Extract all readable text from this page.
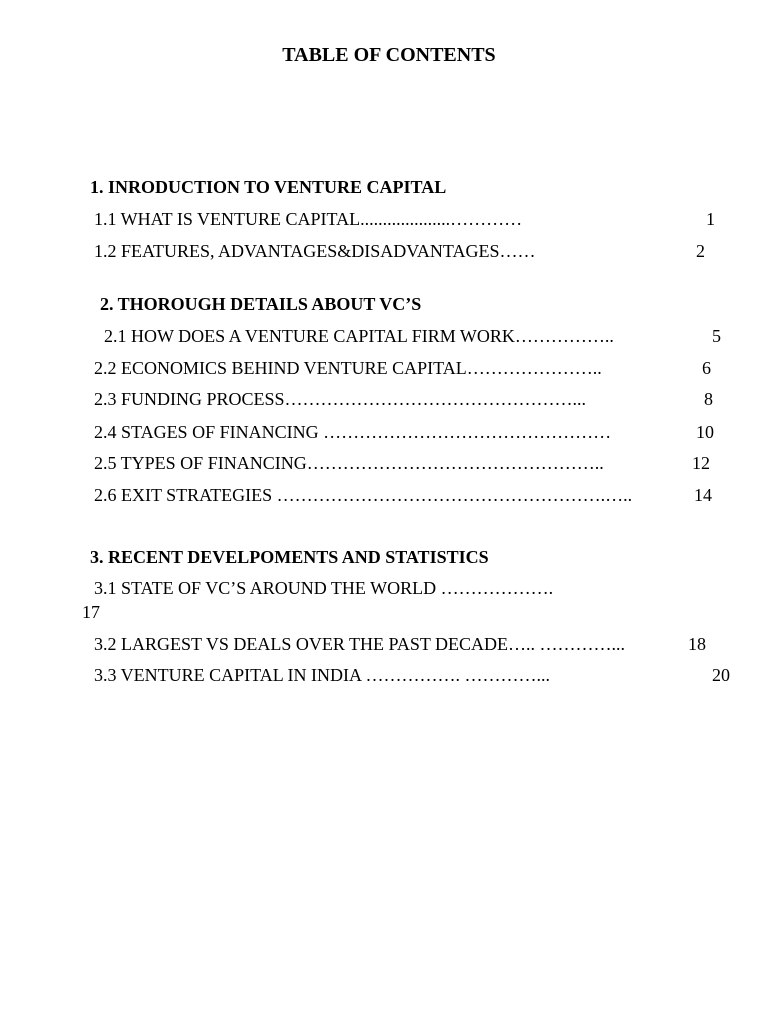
TABLE OF CONTENTS
1. INRODUCTION TO VENTURE CAPITAL
1.1 WHAT IS VENTURE CAPITAL....................…………	1
1.2 FEATURES, ADVANTAGES&DISADVANTAGES……	2
2. THOROUGH DETAILS ABOUT VC’S
2.1 HOW DOES A VENTURE CAPITAL FIRM WORK……………..	5
2.2 ECONOMICS BEHIND VENTURE CAPITAL…………………..	6
2.3 FUNDING PROCESS…………………………………………...	8
2.4 STAGES OF FINANCING …………………………………………	10
2.5 TYPES OF FINANCING…………………………………………..	12
2.6 EXIT STRATEGIES ……………………………………………….…..	14
3. RECENT DEVELPOMENTS AND STATISTICS
3.1 STATE OF VC’S AROUND THE WORLD ……………….
17
3.2 LARGEST VS DEALS OVER THE PAST DECADE….. …………...	18
3.3 VENTURE CAPITAL IN INDIA ……………. …………...	20
